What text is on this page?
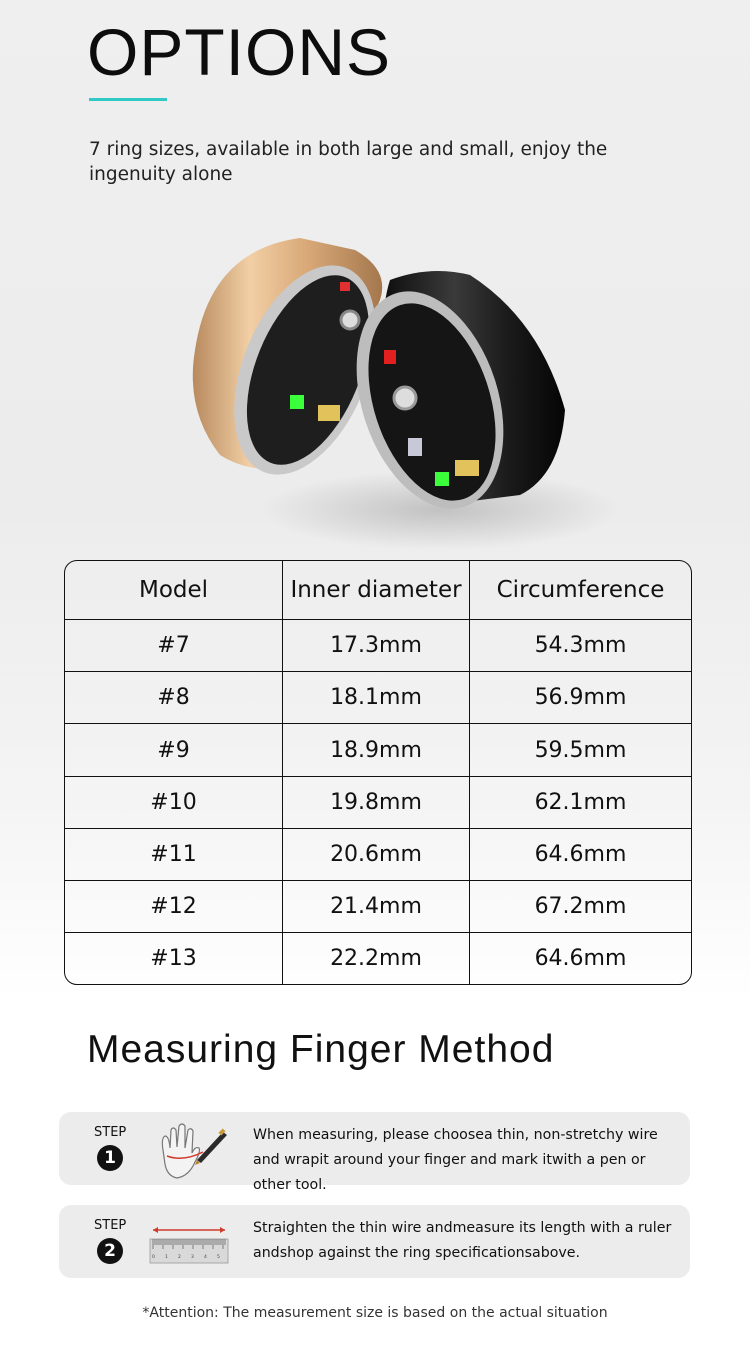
OPTIONS
7 ring sizes, available in both large and small, enjoy the
ingenuity alone
Model	Inner diameter	Circumference
#7	17.3mm	54.3mm
#8	18.1mm	56.9mm
#9	18.9mm	59.5mm
#10	19.8mm	62.1mm
#11	20.6mm	64.6mm
#12	21.4mm	67.2mm
#13	22.2mm	64.6mm
Measuring Finger Method
STEP
1
When measuring, please choosea thin, non-stretchy wire and wrapit around your finger and mark itwith a pen or other tool.
STEP
2	0 1 2 3 4 5
Straighten the thin wire andmeasure its length with a ruler andshop against the ring specificationsabove.
*Attention: The measurement size is based on the actual situation
